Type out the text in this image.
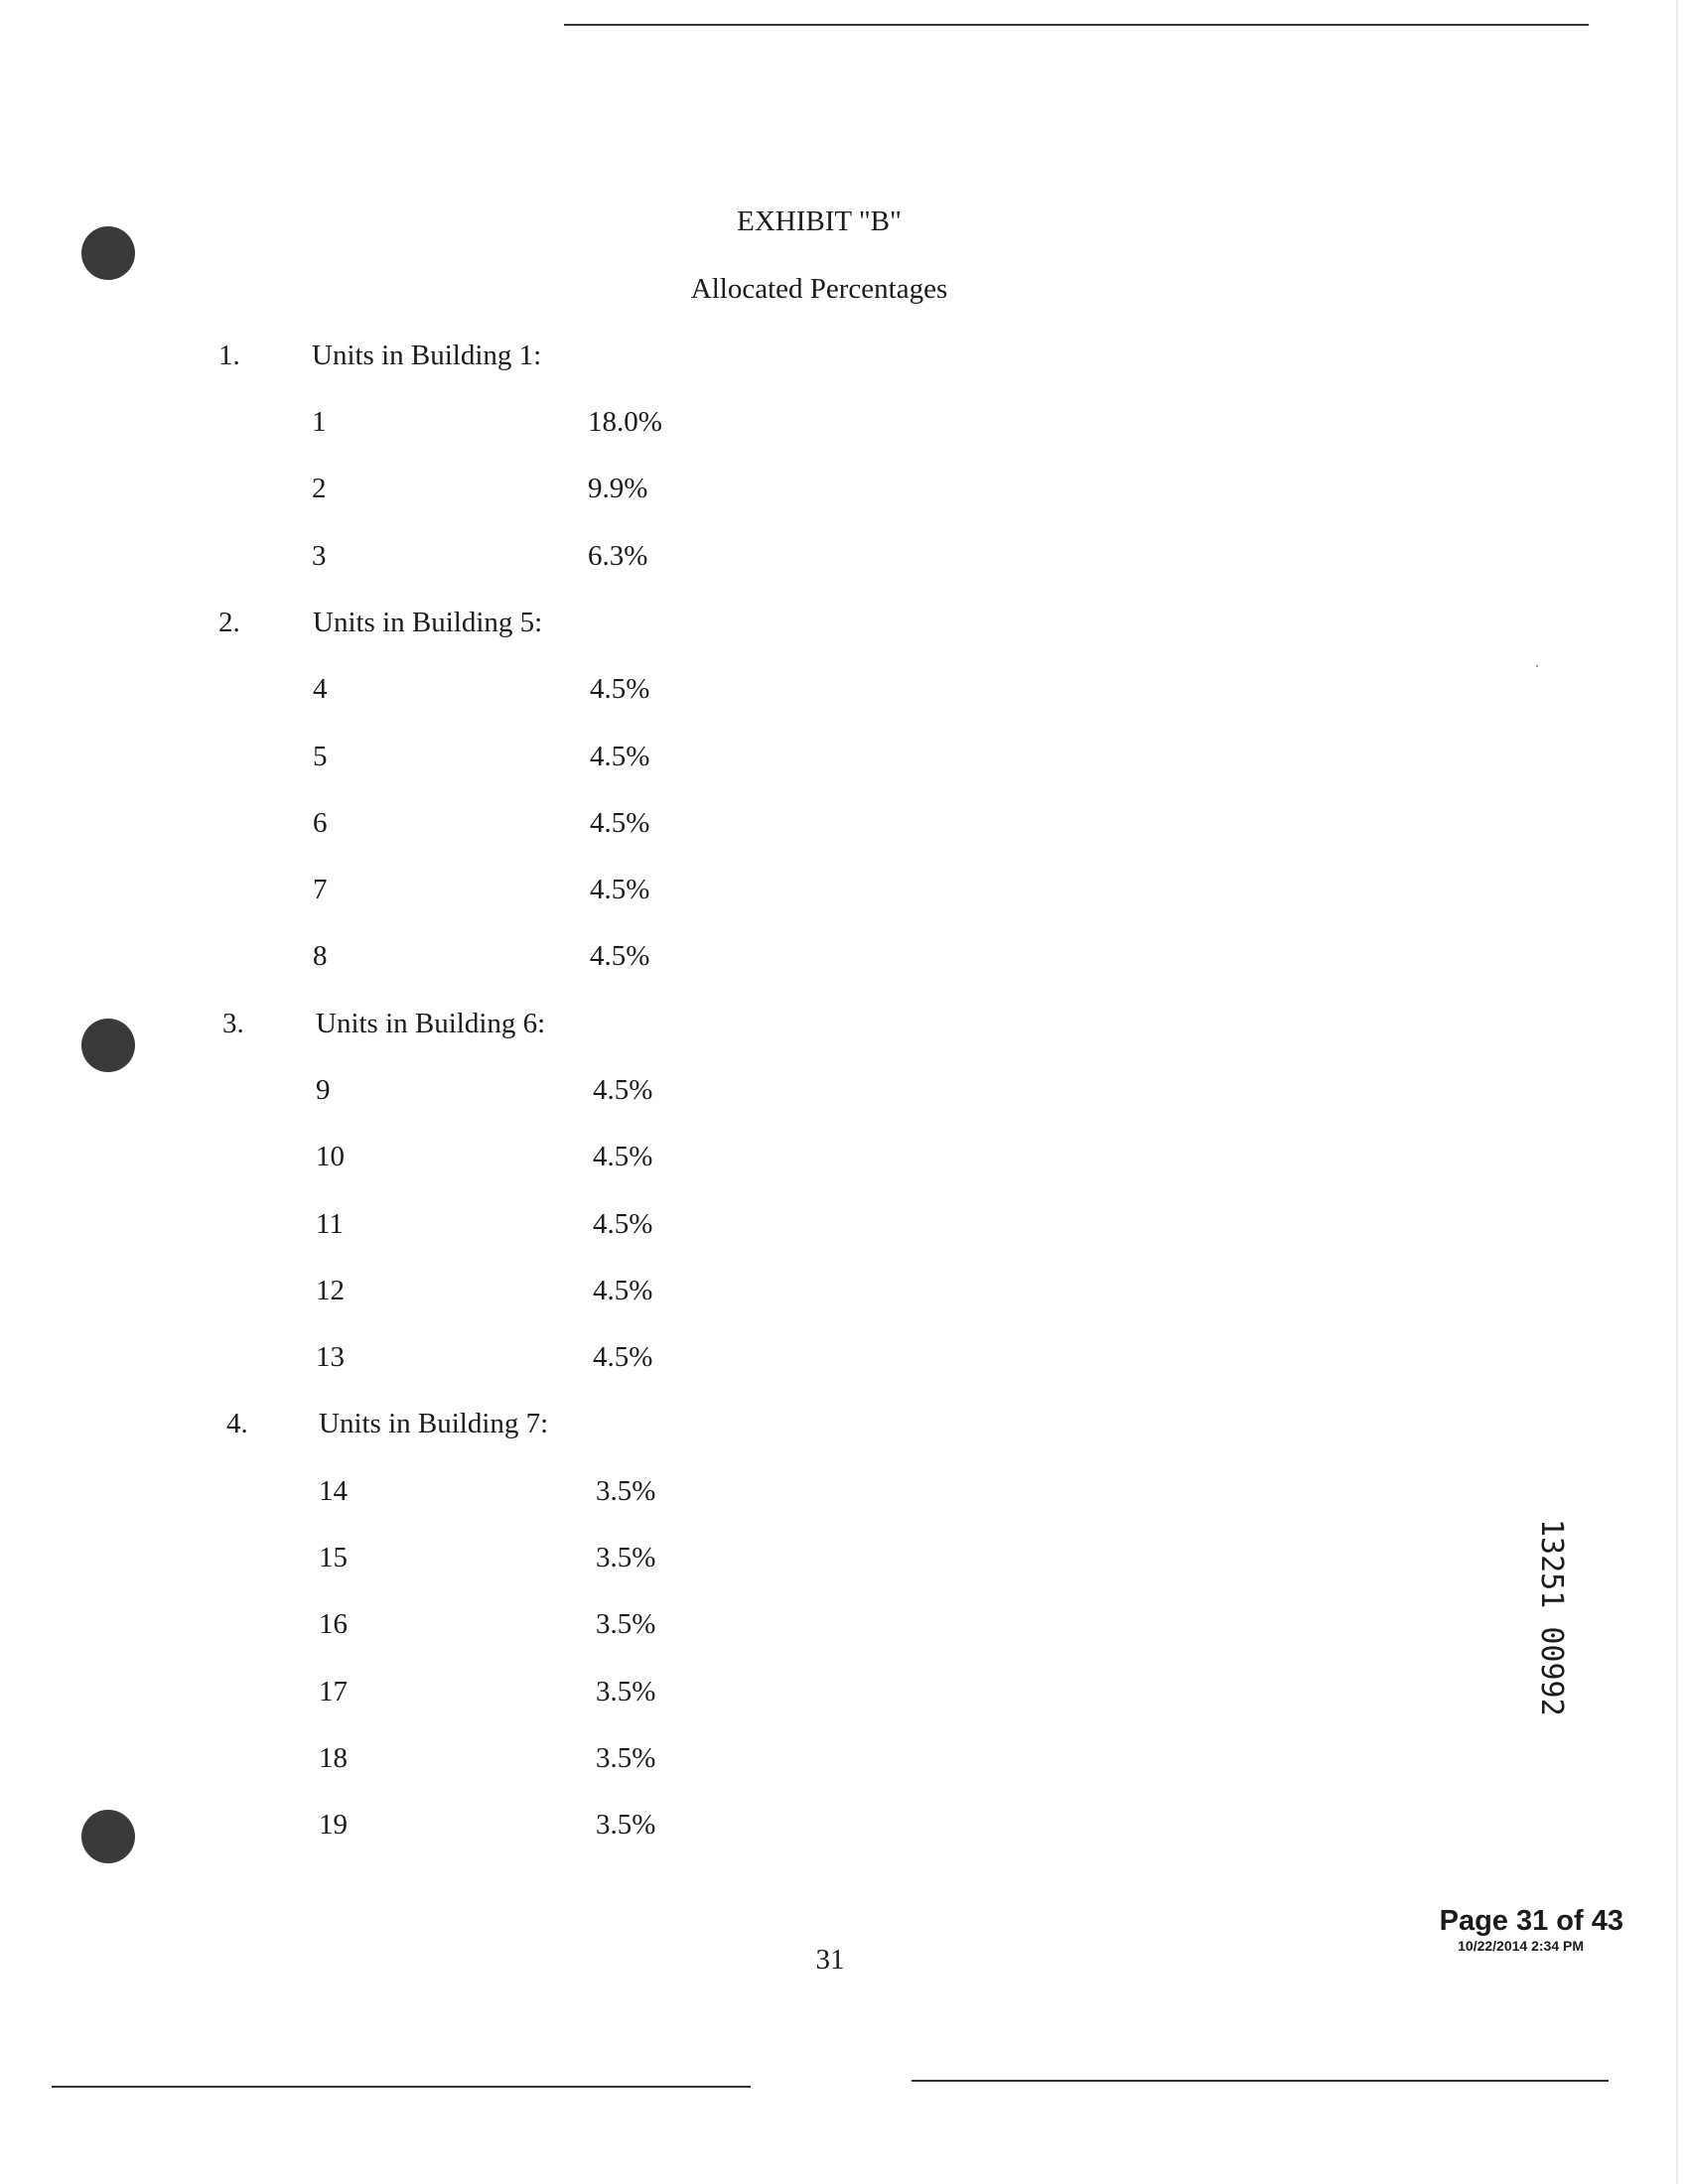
EXHIBIT "B"
Allocated Percentages
1. Units in Building 1:
1	18.0%
2	9.9%
3	6.3%
2.	Units in Building 5:
4	4.5%
5	4.5%
6	4.5%
7	4.5%
8	4.5%
3. Units in Building 6:
9	4.5%
10	4.5%
11	4.5%
12	4.5%
13	4.5%
4. Units in Building 7:
14	3.5%
15	3.5%
16	3.5%
17	3.5%
18	3.5%
19	3.5%
13251 00992
31
Page 31 of 43
10/22/2014 2:34 PM
